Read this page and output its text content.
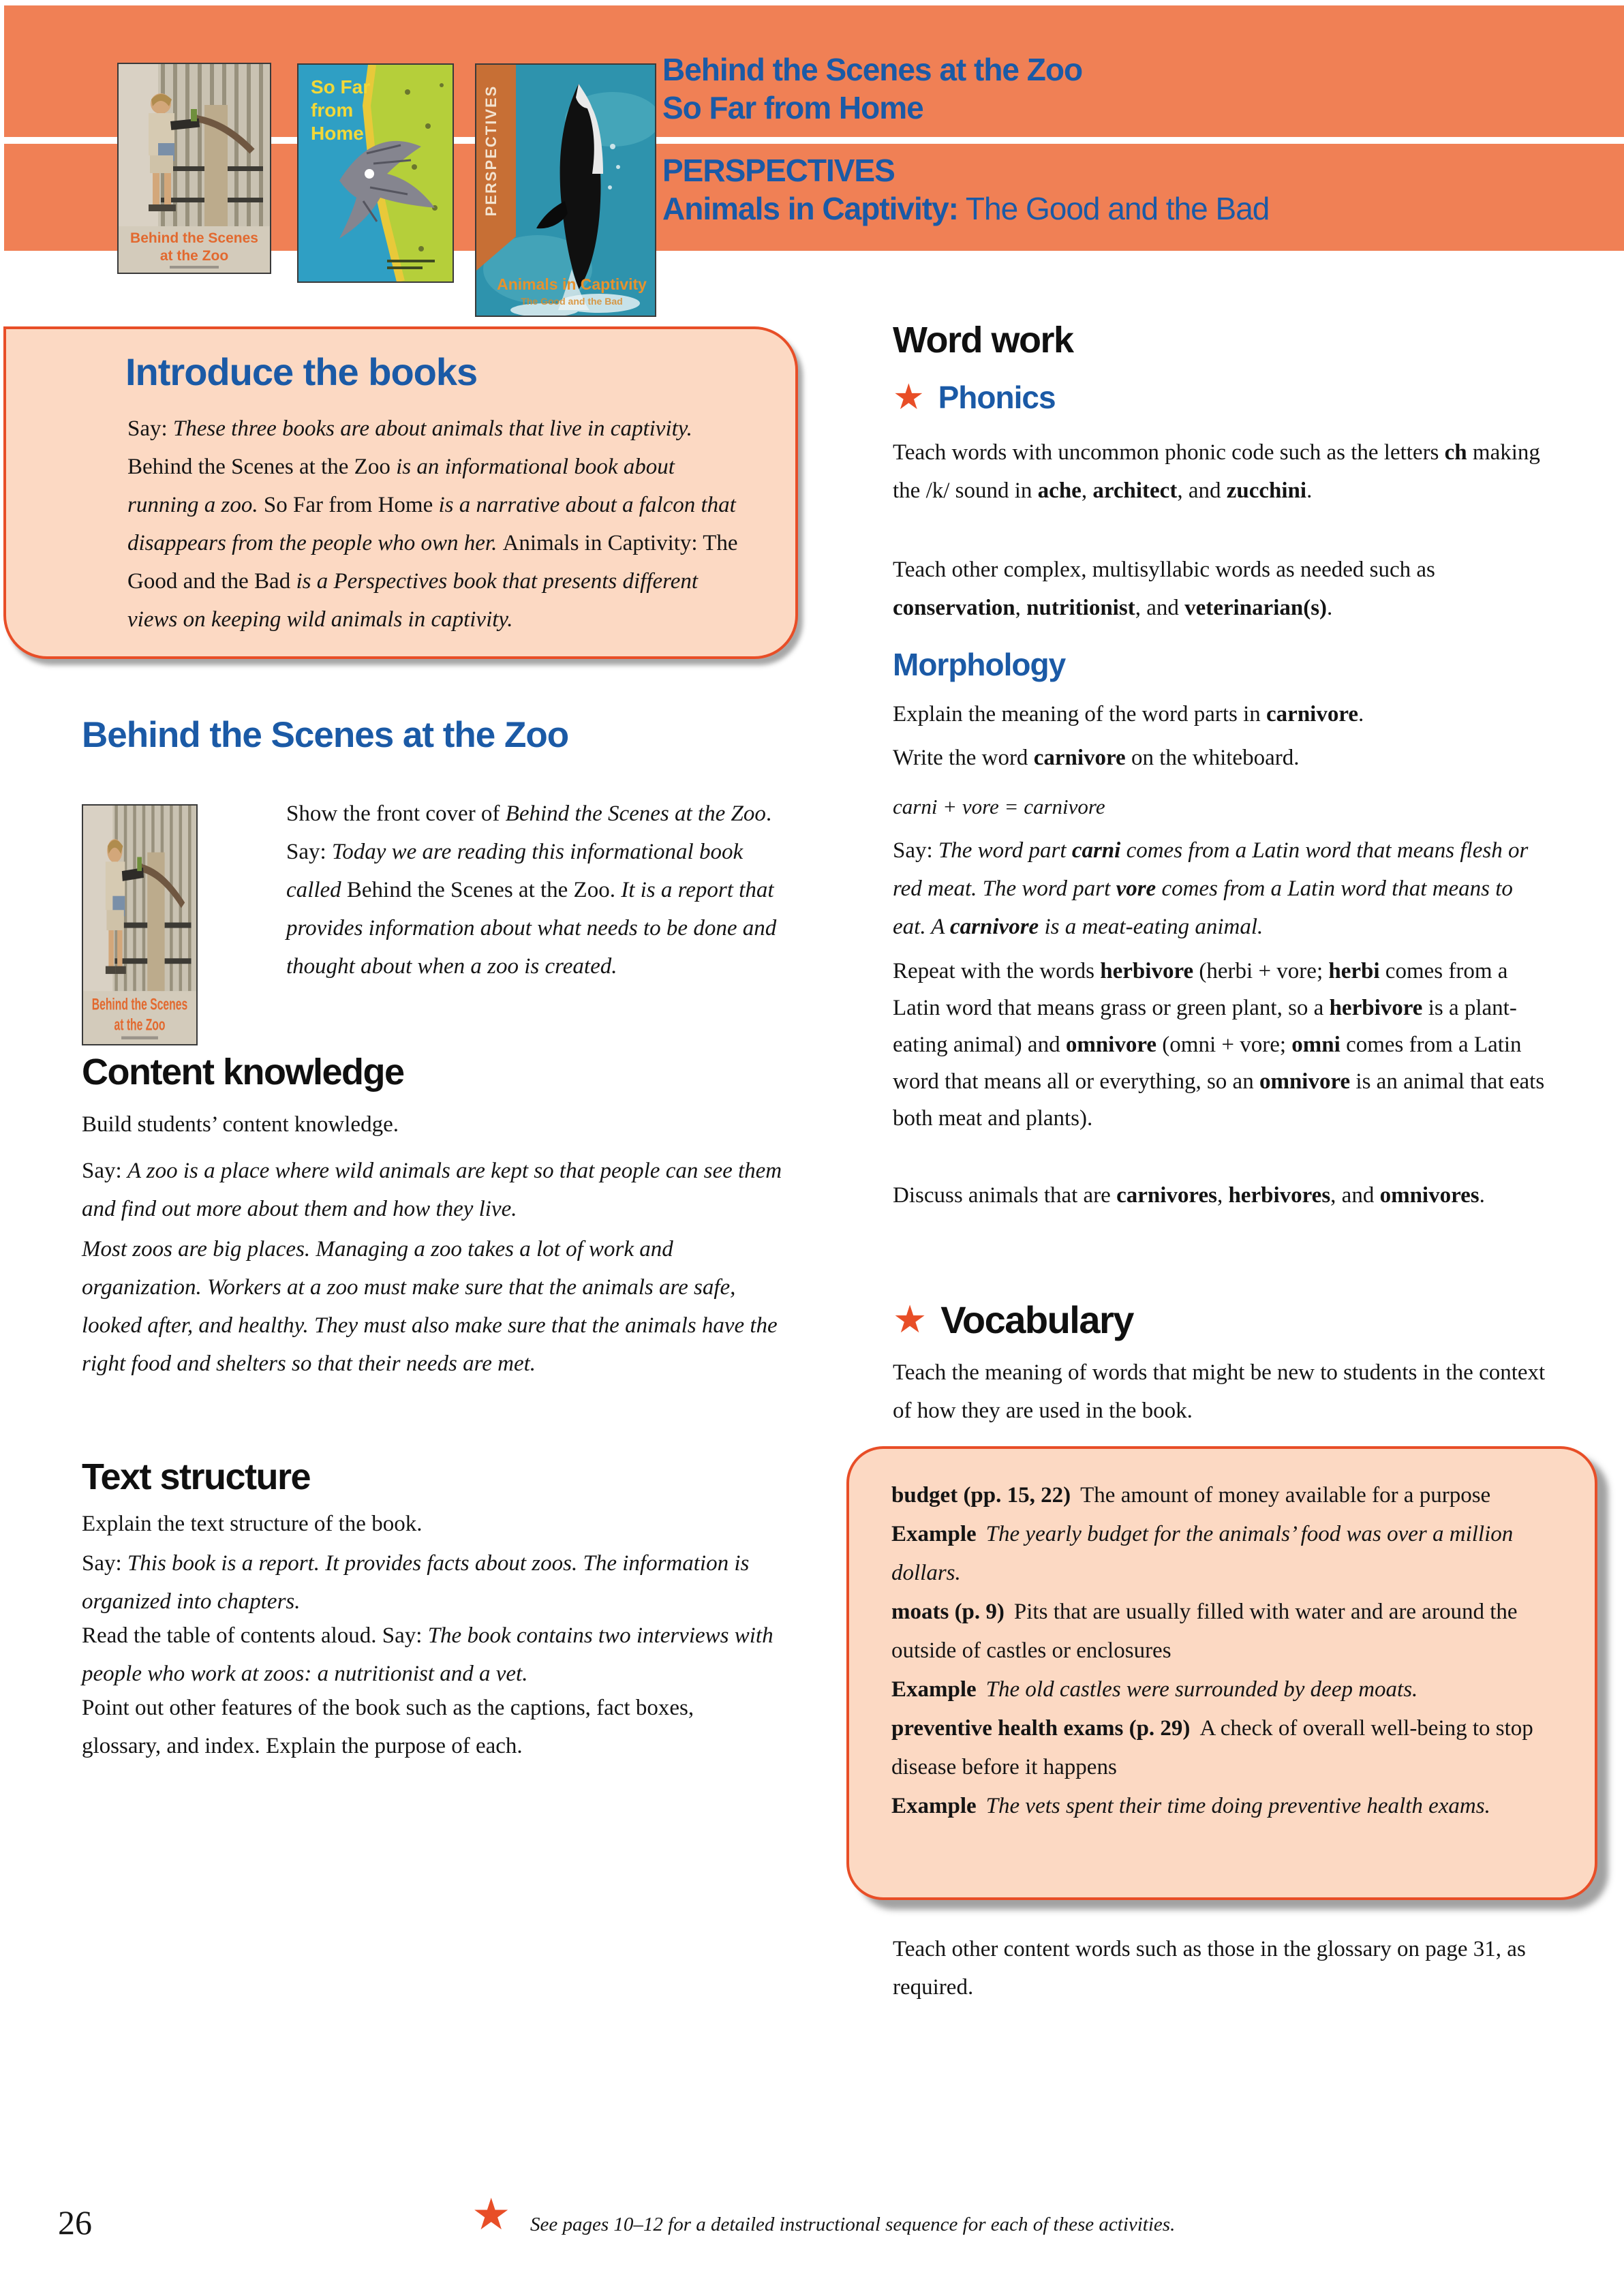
Behind the Scenes at the Zoo
So Far from Home
PERSPECTIVES
Animals in Captivity: The Good and the Bad
Behind the Scenes
at the Zoo
So Far
from
Home	PERSPECTIVES
Animals in Captivity
The Good and the Bad
Introduce the books
Say: These three books are about animals that live in captivity. Behind the Scenes at the Zoo is an informational book about running a zoo. So Far from Home is a narrative about a falcon that disappears from the people who own her. Animals in Captivity: The Good and the Bad is a Perspectives book that presents different views on keeping wild animals in captivity.
Behind the Scenes at the Zoo
Behind the Scenes
at the Zoo
Show the front cover of Behind the Scenes at the Zoo. Say: Today we are reading this informational book called Behind the Scenes at the Zoo. It is a report that provides information about what needs to be done and thought about when a zoo is created.
Content knowledge
Build students’ content knowledge.
Say: A zoo is a place where wild animals are kept so that people can see them and find out more about them and how they live.
Most zoos are big places. Managing a zoo takes a lot of work and organization. Workers at a zoo must make sure that the animals are safe, looked after, and healthy. They must also make sure that the animals have the right food and shelters so that their needs are met.
Text structure
Explain the text structure of the book.
Say: This book is a report. It provides facts about zoos. The information is organized into chapters.
Read the table of contents aloud. Say: The book contains two interviews with people who work at zoos: a nutritionist and a vet.
Point out other features of the book such as the captions, fact boxes, glossary, and index. Explain the purpose of each.
Word work
★ Phonics
Teach words with uncommon phonic code such as the letters ch making the /k/ sound in ache, architect, and zucchini.
Teach other complex, multisyllabic words as needed such as conservation, nutritionist, and veterinarian(s).
Morphology
Explain the meaning of the word parts in carnivore.
Write the word carnivore on the whiteboard.
carni + vore = carnivore
Say: The word part carni comes from a Latin word that means flesh or red meat. The word part vore comes from a Latin word that means to eat. A carnivore is a meat-eating animal.
Repeat with the words herbivore (herbi + vore; herbi comes from a Latin word that means grass or green plant, so a herbivore is a plant-eating animal) and omnivore (omni + vore; omni comes from a Latin word that means all or everything, so an omnivore is an animal that eats both meat and plants).
Discuss animals that are carnivores, herbivores, and omnivores.
★ Vocabulary
Teach the meaning of words that might be new to students in the context of how they are used in the book.
budget (pp. 15, 22) The amount of money available for a purpose
Example The yearly budget for the animals’ food was over a million dollars.
moats (p. 9) Pits that are usually filled with water and are around the outside of castles or enclosures
Example The old castles were surrounded by deep moats.
preventive health exams (p. 29) A check of overall well-being to stop disease before it happens
Example The vets spent their time doing preventive health exams.
Teach other content words such as those in the glossary on page 31, as required.
26	★ See pages 10–12 for a detailed instructional sequence for each of these activities.
